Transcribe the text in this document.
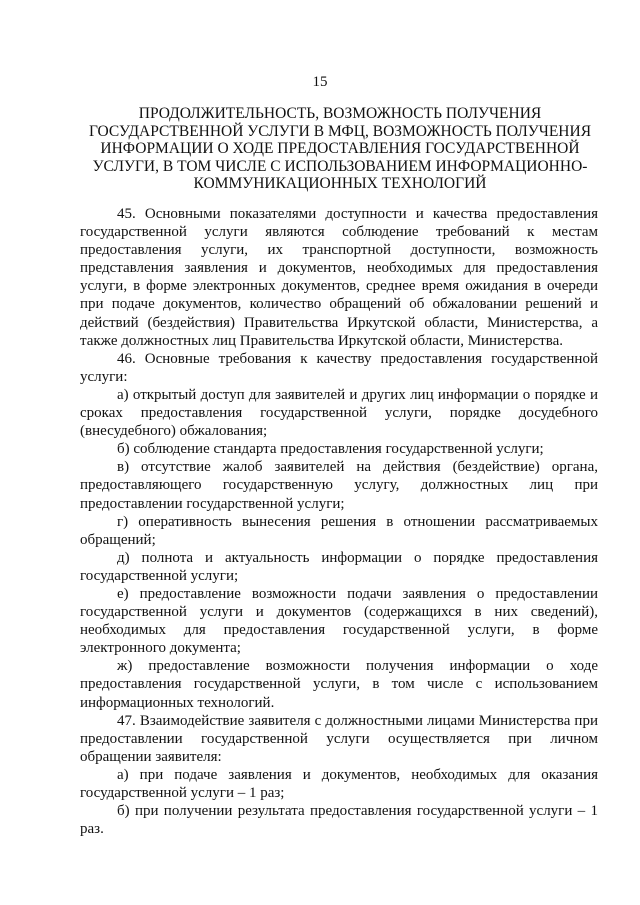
15
ПРОДОЛЖИТЕЛЬНОСТЬ, ВОЗМОЖНОСТЬ ПОЛУЧЕНИЯ
ГОСУДАРСТВЕННОЙ УСЛУГИ В МФЦ, ВОЗМОЖНОСТЬ ПОЛУЧЕНИЯ
ИНФОРМАЦИИ О ХОДЕ ПРЕДОСТАВЛЕНИЯ ГОСУДАРСТВЕННОЙ
УСЛУГИ, В ТОМ ЧИСЛЕ С ИСПОЛЬЗОВАНИЕМ ИНФОРМАЦИОННО-
КОММУНИКАЦИОННЫХ ТЕХНОЛОГИЙ

45. Основными показателями доступности и качества предоставления государственной услуги являются соблюдение требований к местам предоставления услуги, их транспортной доступности, возможность представления заявления и документов, необходимых для предоставления услуги, в форме электронных документов, среднее время ожидания в очереди при подаче документов, количество обращений об обжаловании решений и действий (бездействия) Правительства Иркутской области, Министерства, а также должностных лиц Правительства Иркутской области, Министерства.

46. Основные требования к качеству предоставления государственной услуги:

а) открытый доступ для заявителей и других лиц информации о порядке и сроках предоставления государственной услуги, порядке досудебного (внесудебного) обжалования;

б) соблюдение стандарта предоставления государственной услуги;

в) отсутствие жалоб заявителей на действия (бездействие) органа, предоставляющего государственную услугу, должностных лиц при предоставлении государственной услуги;

г) оперативность вынесения решения в отношении рассматриваемых обращений;

д) полнота и актуальность информации о порядке предоставления государственной услуги;

е) предоставление возможности подачи заявления о предоставлении государственной услуги и документов (содержащихся в них сведений), необходимых для предоставления государственной услуги, в форме электронного документа;

ж) предоставление возможности получения информации о ходе предоставления государственной услуги, в том числе с использованием информационных технологий.

47. Взаимодействие заявителя с должностными лицами Министерства при предоставлении государственной услуги осуществляется при личном обращении заявителя:

а) при подаче заявления и документов, необходимых для оказания государственной услуги – 1 раз;

б) при получении результата предоставления государственной услуги – 1 раз.
